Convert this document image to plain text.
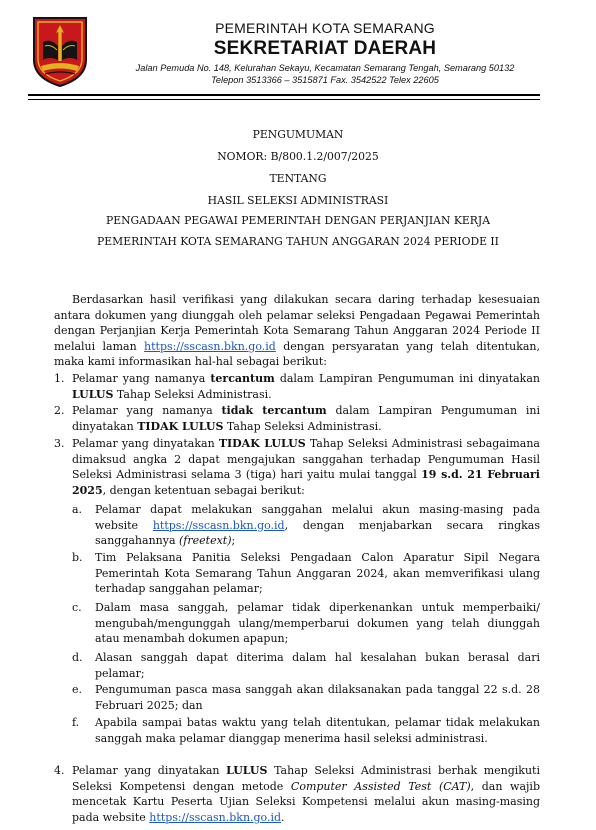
PEMERINTAH KOTA SEMARANG
SEKRETARIAT DAERAH
Jalan Pemuda No. 148, Kelurahan Sekayu, Kecamatan Semarang Tengah, Semarang 50132
Telepon 3513366 – 3515871 Fax. 3542522 Telex 22605
PENGUMUMAN
NOMOR: B/800.1.2/007/2025
TENTANG
HASIL SELEKSI ADMINISTRASI
PENGADAAN PEGAWAI PEMERINTAH DENGAN PERJANJIAN KERJA
PEMERINTAH KOTA SEMARANG TAHUN ANGGARAN 2024 PERIODE II
Berdasarkan hasil verifikasi yang dilakukan secara daring terhadap kesesuaian antara dokumen yang diunggah oleh pelamar seleksi Pengadaan Pegawai Pemerintah dengan Perjanjian Kerja Pemerintah Kota Semarang Tahun Anggaran 2024 Periode II melalui laman https://sscasn.bkn.go.id dengan persyaratan yang telah ditentukan, maka kami informasikan hal-hal sebagai berikut:
1. Pelamar yang namanya tercantum dalam Lampiran Pengumuman ini dinyatakan LULUS Tahap Seleksi Administrasi.
2. Pelamar yang namanya tidak tercantum dalam Lampiran Pengumuman ini dinyatakan TIDAK LULUS Tahap Seleksi Administrasi.
3. Pelamar yang dinyatakan TIDAK LULUS Tahap Seleksi Administrasi sebagaimana dimaksud angka 2 dapat mengajukan sanggahan terhadap Pengumuman Hasil Seleksi Administrasi selama 3 (tiga) hari yaitu mulai tanggal 19 s.d. 21 Februari 2025, dengan ketentuan sebagai berikut:
a.	Pelamar dapat melakukan sanggahan melalui akun masing-masing pada website https://sscasn.bkn.go.id, dengan menjabarkan secara ringkas sanggahannya (freetext);
b.	Tim Pelaksana Panitia Seleksi Pengadaan Calon Aparatur Sipil Negara Pemerintah Kota Semarang Tahun Anggaran 2024, akan memverifikasi ulang terhadap sanggahan pelamar;
c.	Dalam masa sanggah, pelamar tidak diperkenankan untuk memperbaiki/ mengubah/mengunggah ulang/memperbarui dokumen yang telah diunggah atau menambah dokumen apapun;
d.	Alasan sanggah dapat diterima dalam hal kesalahan bukan berasal dari pelamar;
e.	Pengumuman pasca masa sanggah akan dilaksanakan pada tanggal 22 s.d. 28 Februari 2025; dan
f.	Apabila sampai batas waktu yang telah ditentukan, pelamar tidak melakukan sanggah maka pelamar dianggap menerima hasil seleksi administrasi.
4. Pelamar yang dinyatakan LULUS Tahap Seleksi Administrasi berhak mengikuti Seleksi Kompetensi dengan metode Computer Assisted Test (CAT), dan wajib mencetak Kartu Peserta Ujian Seleksi Kompetensi melalui akun masing-masing pada website https://sscasn.bkn.go.id.
